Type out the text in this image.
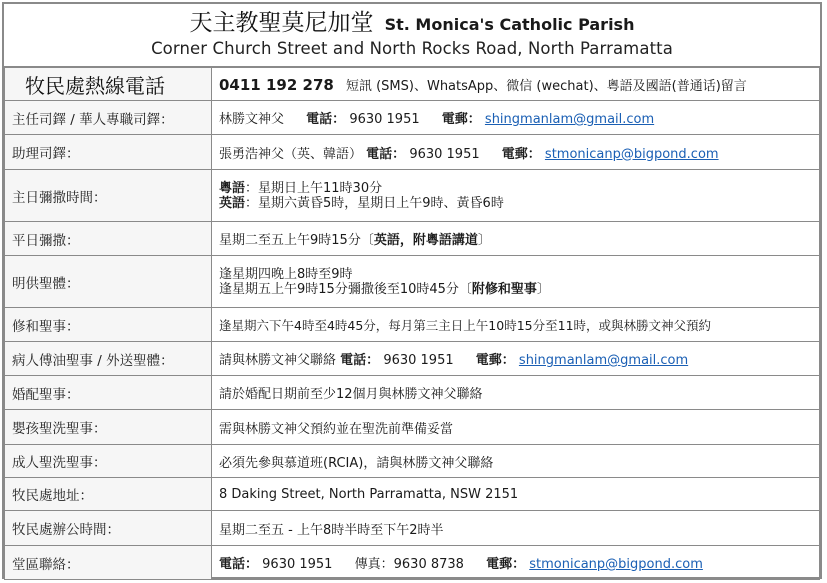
天主教聖莫尼加堂 St. Monica's Catholic Parish
Corner Church Street and North Rocks Road, North Parramatta
牧民處熱線電話	0411 192 278 短訊 (SMS)、WhatsApp、微信 (wechat)、粵語及國語(普通话)留言
主任司鐸 / 華人專職司鐸：	林勝文神父 電話： 9630 1951 電郵： shingmanlam@gmail.com
助理司鐸：	張勇浩神父（英、韓語） 電話： 9630 1951 電郵： stmonicanp@bigpond.com
主日彌撒時間：	粵語：星期日上午11時30分
英語：星期六黃昏5時，星期日上午9時、黃昏6時

平日彌撒：	星期二至五上午9時15分〔英語，附粵語講道〕
明供聖體：	逢星期四晚上8時至9時
逢星期五上午9時15分彌撒後至10時45分〔附修和聖事〕

修和聖事：	逢星期六下午4時至4時45分，每月第三主日上午10時15分至11時，或與林勝文神父預約
病人傅油聖事 / 外送聖體：	請與林勝文神父聯絡 電話： 9630 1951 電郵： shingmanlam@gmail.com
婚配聖事：	請於婚配日期前至少12個月與林勝文神父聯絡
嬰孩聖洗聖事：	需與林勝文神父預約並在聖洗前準備妥當
成人聖洗聖事：	必須先參與慕道班(RCIA)，請與林勝文神父聯絡
牧民處地址：	8 Daking Street, North Parramatta, NSW 2151
牧民處辦公時間：	星期二至五 - 上午8時半時至下午2時半
堂區聯絡：	電話： 9630 1951 傳真：9630 8738 電郵： stmonicanp@bigpond.com
